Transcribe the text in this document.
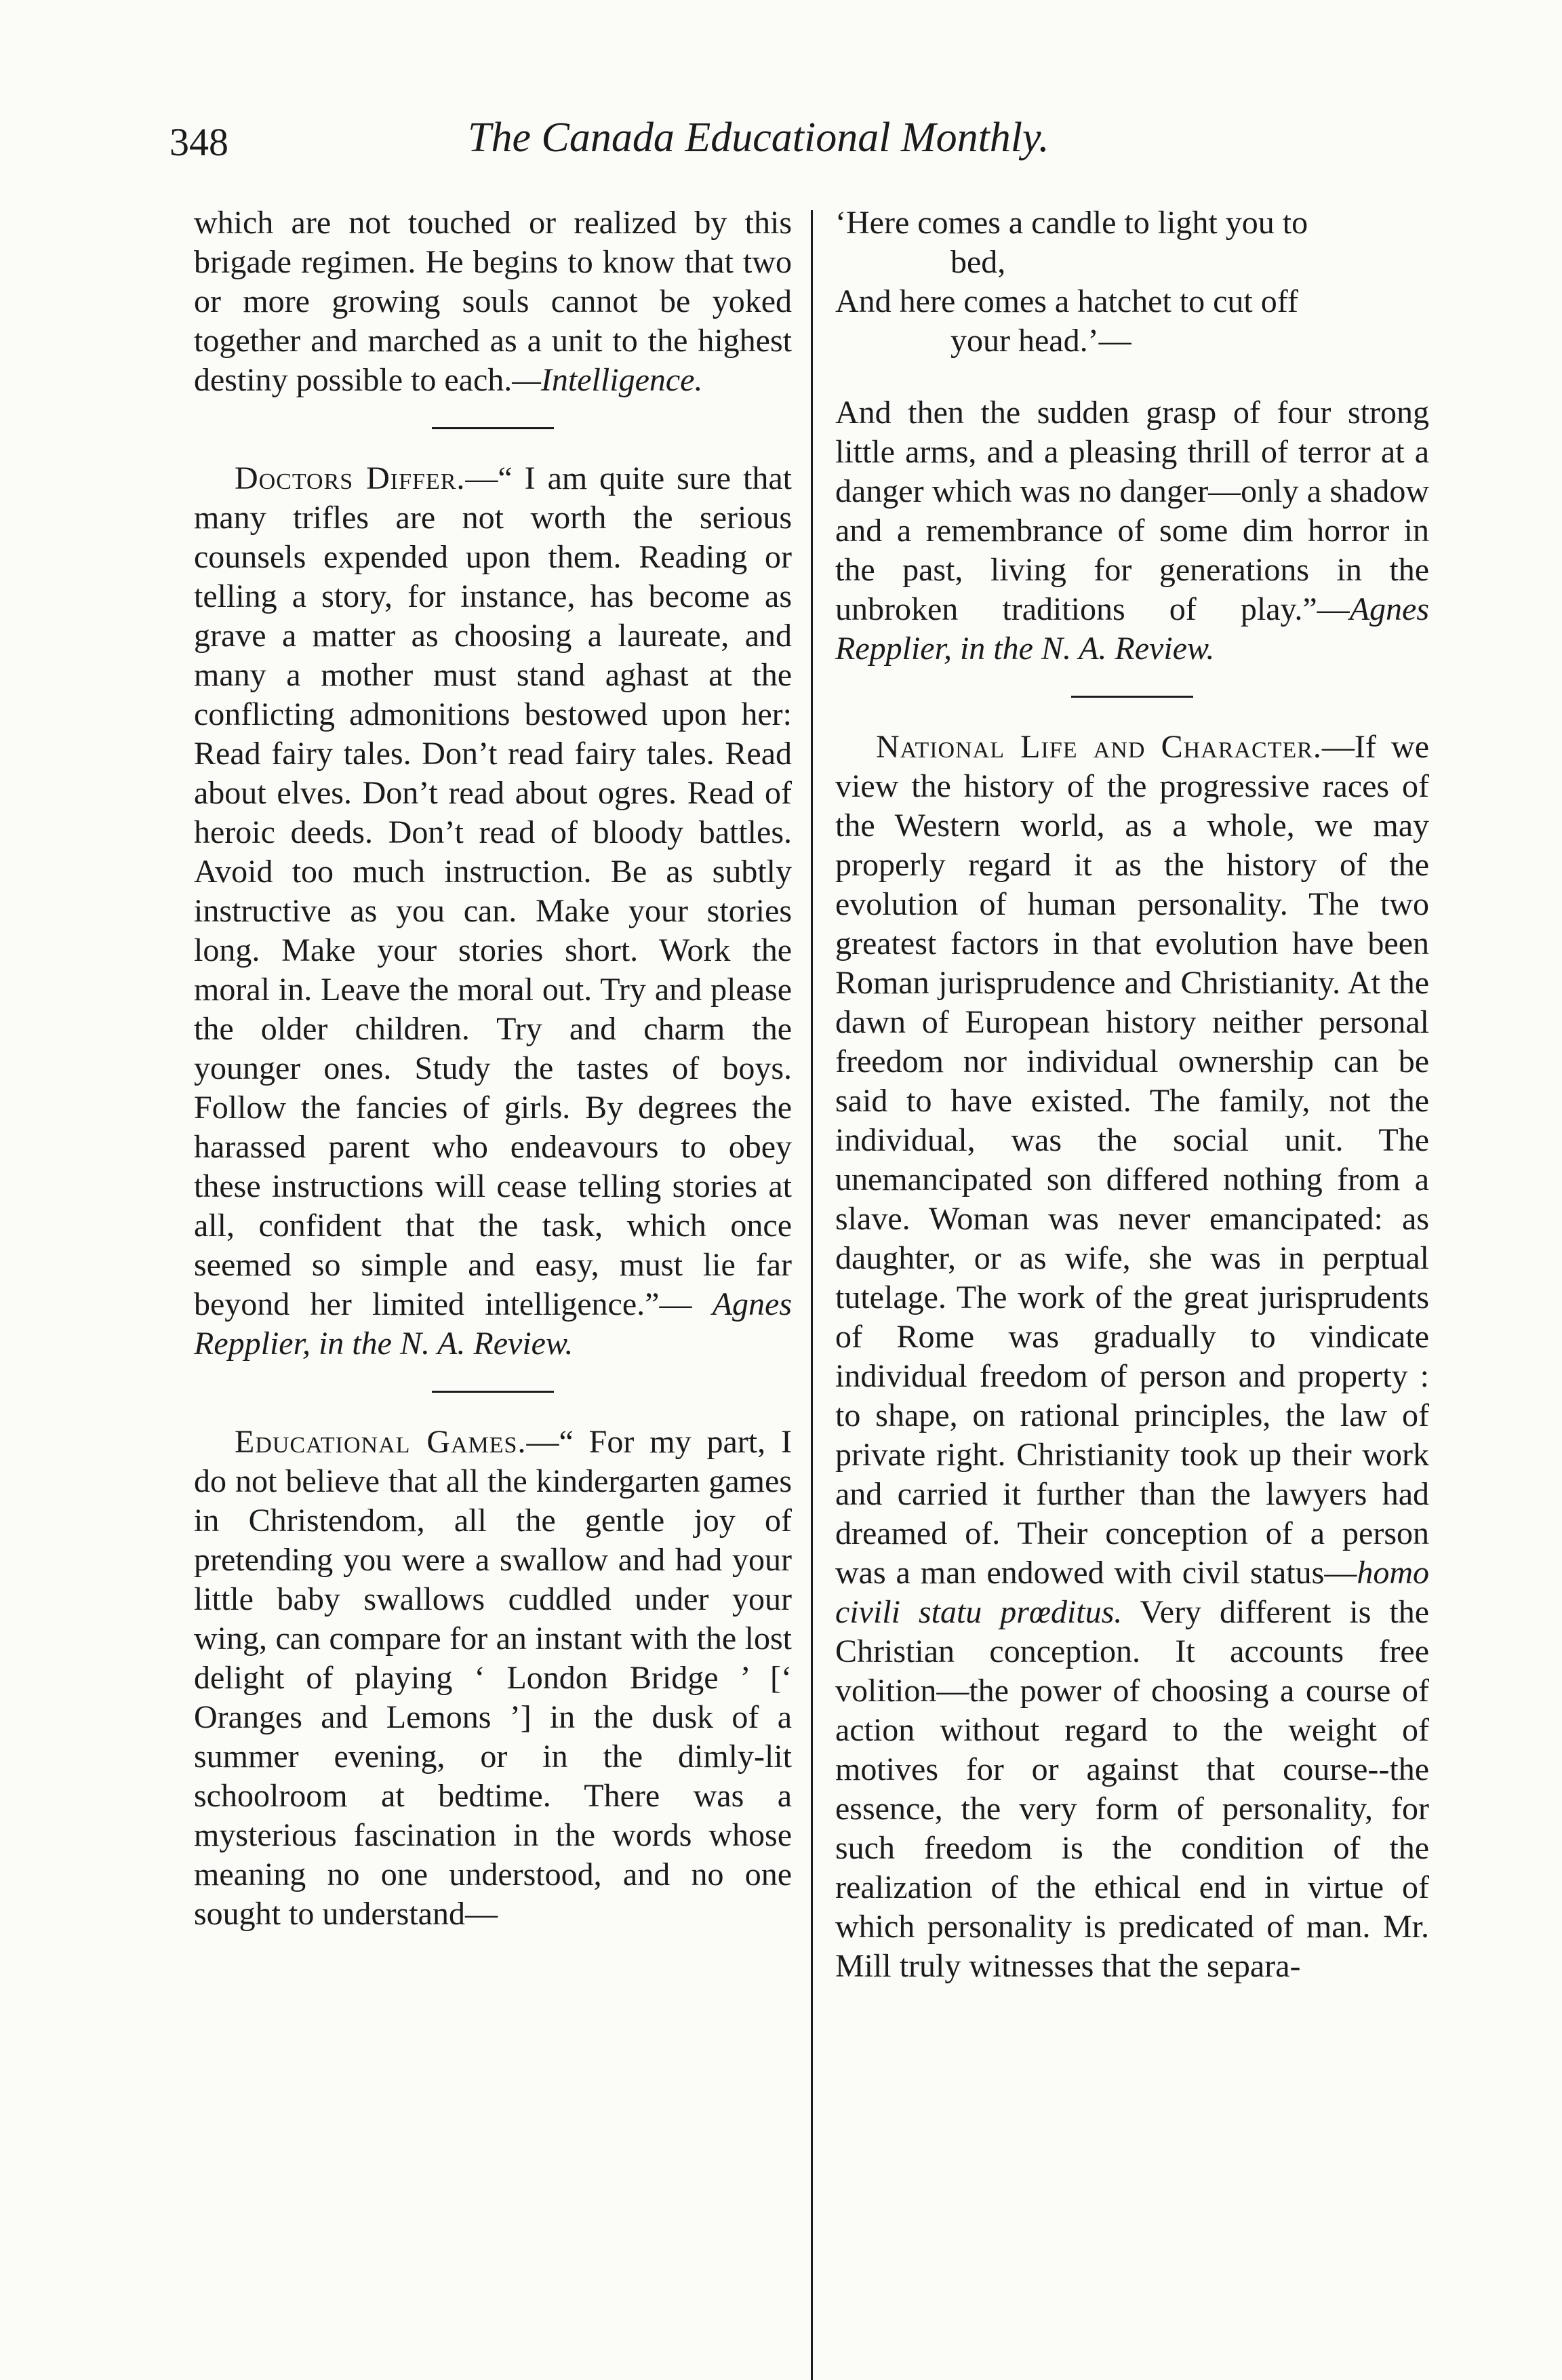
348	The Canada Educational Monthly.

which are not touched or realized by this brigade regimen. He begins to know that two or more growing souls cannot be yoked together and marched as a unit to the highest destiny possible to each.—Intelligence.

Doctors Differ.—“ I am quite sure that many trifles are not worth the serious counsels expended upon them. Reading or telling a story, for instance, has become as grave a matter as choosing a laureate, and many a mother must stand aghast at the conflicting admonitions bestowed upon her: Read fairy tales. Don’t read fairy tales. Read about elves. Don’t read about ogres. Read of heroic deeds. Don’t read of bloody battles. Avoid too much instruction. Be as subtly instructive as you can. Make your stories long. Make your stories short. Work the moral in. Leave the moral out. Try and please the older children. Try and charm the younger ones. Study the tastes of boys. Follow the fancies of girls. By degrees the harassed parent who endeavours to obey these instructions will cease telling stories at all, confident that the task, which once seemed so simple and easy, must lie far beyond her limited intelligence.”— Agnes Repplier, in the N. A. Review.

Educational Games.—“ For my part, I do not believe that all the kindergarten games in Christendom, all the gentle joy of pretending you were a swallow and had your little baby swallows cuddled under your wing, can compare for an instant with the lost delight of playing ‘ London Bridge ’ [‘ Oranges and Lemons ’] in the dusk of a summer evening, or in the dimly-lit schoolroom at bedtime. There was a mysterious fascination in the words whose meaning no one understood, and no one sought to understand—

‘Here comes a candle to light you to
bed,
And here comes a hatchet to cut off
your head.’—

And then the sudden grasp of four strong little arms, and a pleasing thrill of terror at a danger which was no danger—only a shadow and a remembrance of some dim horror in the past, living for generations in the unbroken traditions of play.”—Agnes Repplier, in the N. A. Review.

National Life and Character.—If we view the history of the progressive races of the Western world, as a whole, we may properly regard it as the history of the evolution of human personality. The two greatest factors in that evolution have been Roman jurisprudence and Christianity. At the dawn of European history neither personal freedom nor individual ownership can be said to have existed. The family, not the individual, was the social unit. The unemancipated son differed nothing from a slave. Woman was never emancipated: as daughter, or as wife, she was in perptual tutelage. The work of the great jurisprudents of Rome was gradually to vindicate individual freedom of person and property : to shape, on rational principles, the law of private right. Christianity took up their work and carried it further than the lawyers had dreamed of. Their conception of a person was a man endowed with civil status—homo civili statu prœditus. Very different is the Christian conception. It accounts free volition—the power of choosing a course of action without regard to the weight of motives for or against that course--the essence, the very form of personality, for such freedom is the condition of the realization of the ethical end in virtue of which personality is predicated of man. Mr. Mill truly witnesses that the separa-
